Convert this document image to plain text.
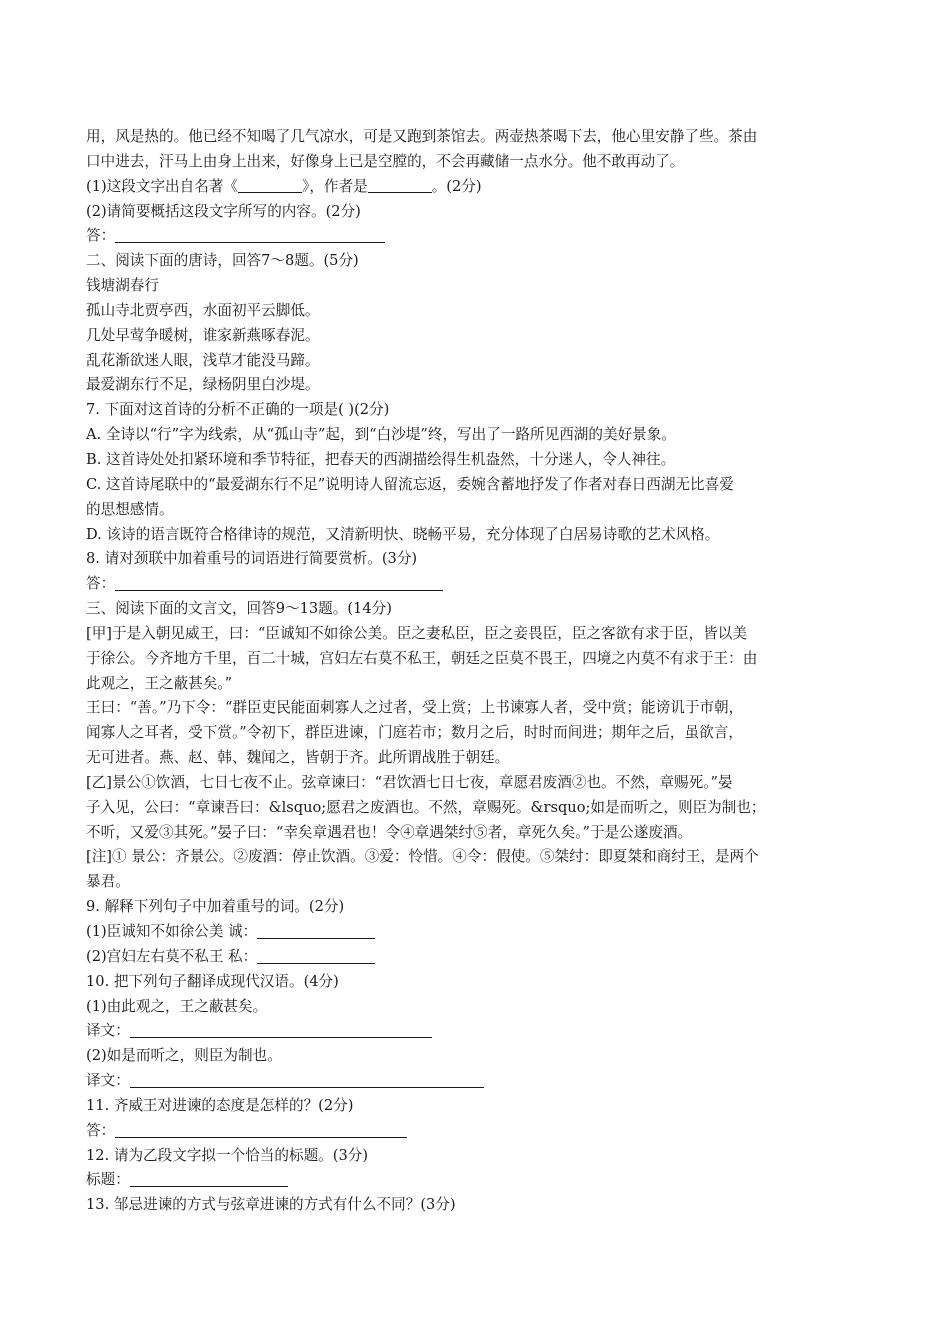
用，风是热的。他已经不知喝了几气凉水，可是又跑到茶馆去。两壶热茶喝下去，他心里安静了些。茶由
口中进去，汗马上由身上出来，好像身上已是空膛的，不会再藏储一点水分。他不敢再动了。
(1)这段文字出自名著《	》，作者是	。(2分)
(2)请简要概括这段文字所写的内容。(2分)
答：
二、阅读下面的唐诗，回答7～8题。(5分)
钱塘湖春行
孤山寺北贾亭西，水面初平云脚低。
几处早莺争暖树，谁家新燕啄春泥。
乱花渐欲迷人眼，浅草才能没马蹄。
最爱湖东行不足，绿杨阴里白沙堤。
7. 下面对这首诗的分析不正确的一项是( )(2分)
A. 全诗以“行”字为线索，从“孤山寺”起，到“白沙堤”终，写出了一路所见西湖的美好景象。
B. 这首诗处处扣紧环境和季节特征，把春天的西湖描绘得生机盎然，十分迷人，令人神往。
C. 这首诗尾联中的“最爱湖东行不足”说明诗人留流忘返，委婉含蓄地抒发了作者对春日西湖无比喜爱
的思想感情。
D. 该诗的语言既符合格律诗的规范，又清新明快、晓畅平易，充分体现了白居易诗歌的艺术风格。
8. 请对颈联中加着重号的词语进行简要赏析。(3分)
答：
三、阅读下面的文言文，回答9～13题。(14分)
[甲]于是入朝见威王，曰：“臣诚知不如徐公美。臣之妻私臣，臣之妾畏臣，臣之客欲有求于臣，皆以美
于徐公。今齐地方千里，百二十城，宫妇左右莫不私王，朝廷之臣莫不畏王，四境之内莫不有求于王：由
此观之，王之蔽甚矣。”
王曰：“善。”乃下令：“群臣吏民能面刺寡人之过者，受上赏；上书谏寡人者，受中赏；能谤讥于市朝，
闻寡人之耳者，受下赏。”令初下，群臣进谏，门庭若市；数月之后，时时而间进；期年之后，虽欲言，
无可进者。燕、赵、韩、魏闻之，皆朝于齐。此所谓战胜于朝廷。
[乙]景公①饮酒，七日七夜不止。弦章谏曰：“君饮酒七日七夜，章愿君废酒②也。不然，章赐死。”晏
子入见，公曰：“章谏吾曰：&lsquo;愿君之废酒也。不然，章赐死。&rsquo;如是而听之，则臣为制也；
不听，又爱③其死。”晏子曰：“幸矣章遇君也！令④章遇桀纣⑤者，章死久矣。”于是公遂废酒。
[注]① 景公：齐景公。②废酒：停止饮酒。③爱：怜惜。④令：假使。⑤桀纣：即夏桀和商纣王，是两个
暴君。
9. 解释下列句子中加着重号的词。(2分)
(1)臣诚知不如徐公美 诚：
(2)宫妇左右莫不私王 私：
10. 把下列句子翻译成现代汉语。(4分)
(1)由此观之，王之蔽甚矣。
译文：
(2)如是而听之，则臣为制也。
译文：
11. 齐威王对进谏的态度是怎样的？(2分)
答：
12. 请为乙段文字拟一个恰当的标题。(3分)
标题：
13. 邹忌进谏的方式与弦章进谏的方式有什么不同？(3分)
